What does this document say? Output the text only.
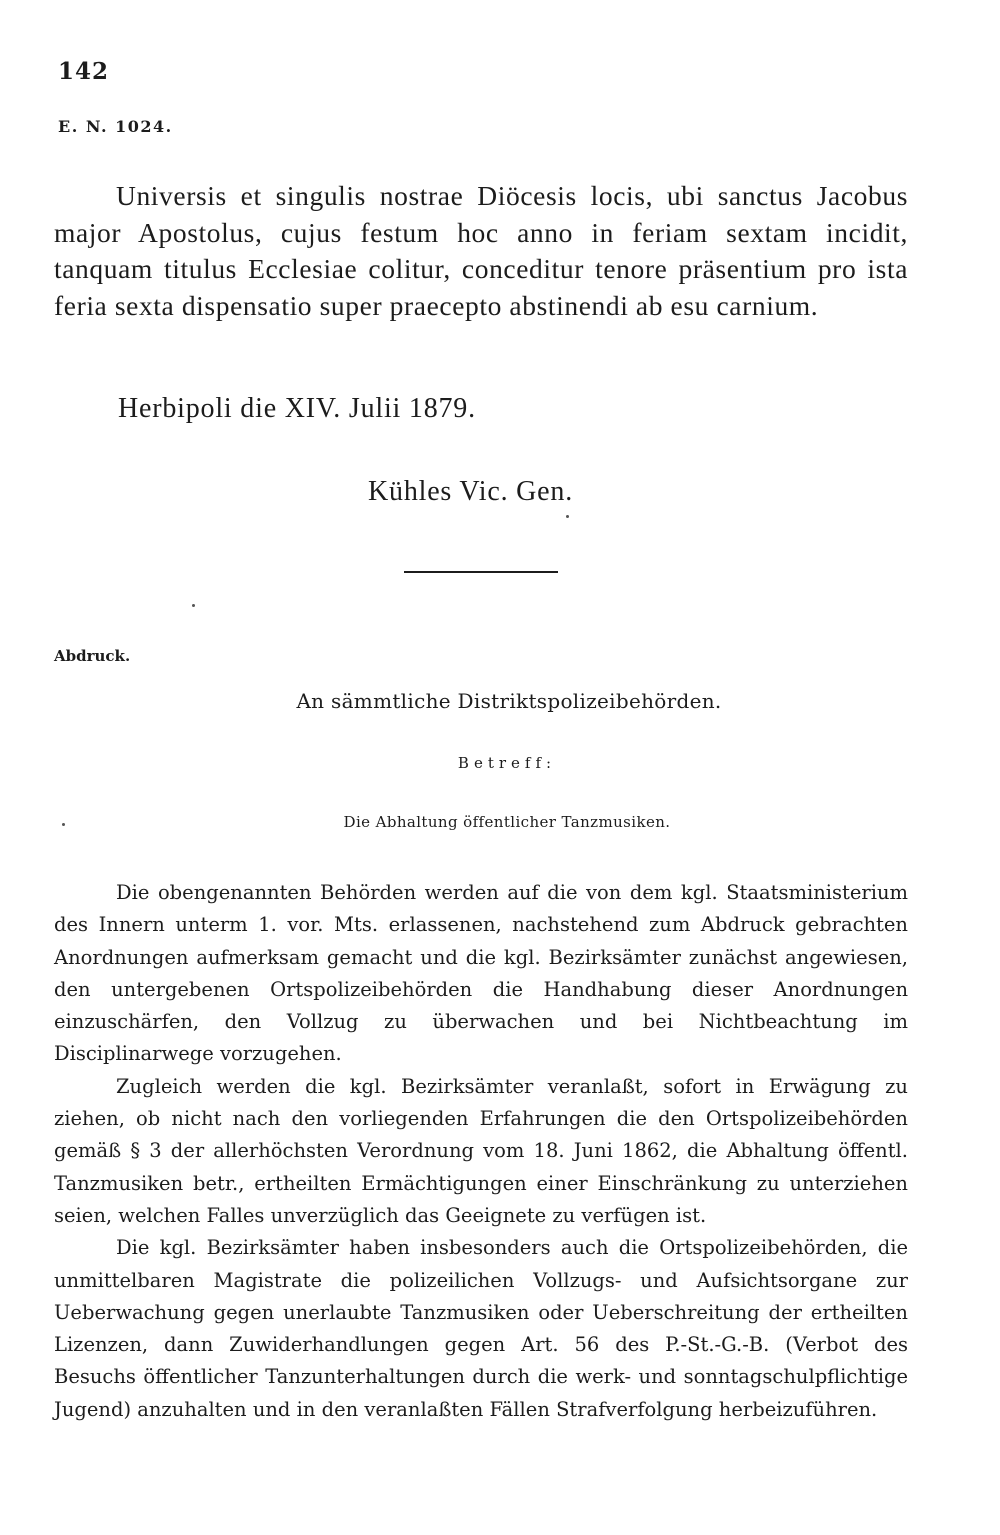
142
E. N. 1024.
Universis et singulis nostrae Diöcesis locis, ubi sanctus Jacobus major Apostolus, cujus festum hoc anno in feriam sextam incidit, tanquam titulus Ecclesiae colitur, conceditur tenore präsentium pro ista feria sexta dispensatio super praecepto abstinendi ab esu carnium.
Herbipoli die XIV. Julii 1879.
Kühles Vic. Gen.
Abdruck.
An sämmtliche Distriktspolizeibehörden.
Betreff:
Die Abhaltung öffentlicher Tanzmusiken.

Die obengenannten Behörden werden auf die von dem kgl. Staatsministerium des Innern unterm 1. vor. Mts. erlassenen, nachstehend zum Abdruck gebrachten Anordnungen aufmerksam gemacht und die kgl. Bezirksämter zunächst angewiesen, den untergebenen Ortspolizeibehörden die Handhabung dieser Anordnungen einzuschärfen, den Vollzug zu überwachen und bei Nichtbeachtung im Disciplinarwege vorzugehen.

Zugleich werden die kgl. Bezirksämter veranlaßt, sofort in Erwägung zu ziehen, ob nicht nach den vorliegenden Erfahrungen die den Ortspolizeibehörden gemäß § 3 der allerhöchsten Verordnung vom 18. Juni 1862, die Abhaltung öffentl. Tanzmusiken betr., ertheilten Ermächtigungen einer Einschränkung zu unterziehen seien, welchen Falles unverzüglich das Geeignete zu verfügen ist.

Die kgl. Bezirksämter haben insbesonders auch die Ortspolizeibehörden, die unmittelbaren Magistrate die polizeilichen Vollzugs- und Aufsichtsorgane zur Ueberwachung gegen unerlaubte Tanzmusiken oder Ueberschreitung der ertheilten Lizenzen, dann Zuwiderhandlungen gegen Art. 56 des P.-St.-G.-B. (Verbot des Besuchs öffentlicher Tanzunterhaltungen durch die werk- und sonntagschulpflichtige Jugend) anzuhalten und in den veranlaßten Fällen Strafverfolgung herbeizuführen.
